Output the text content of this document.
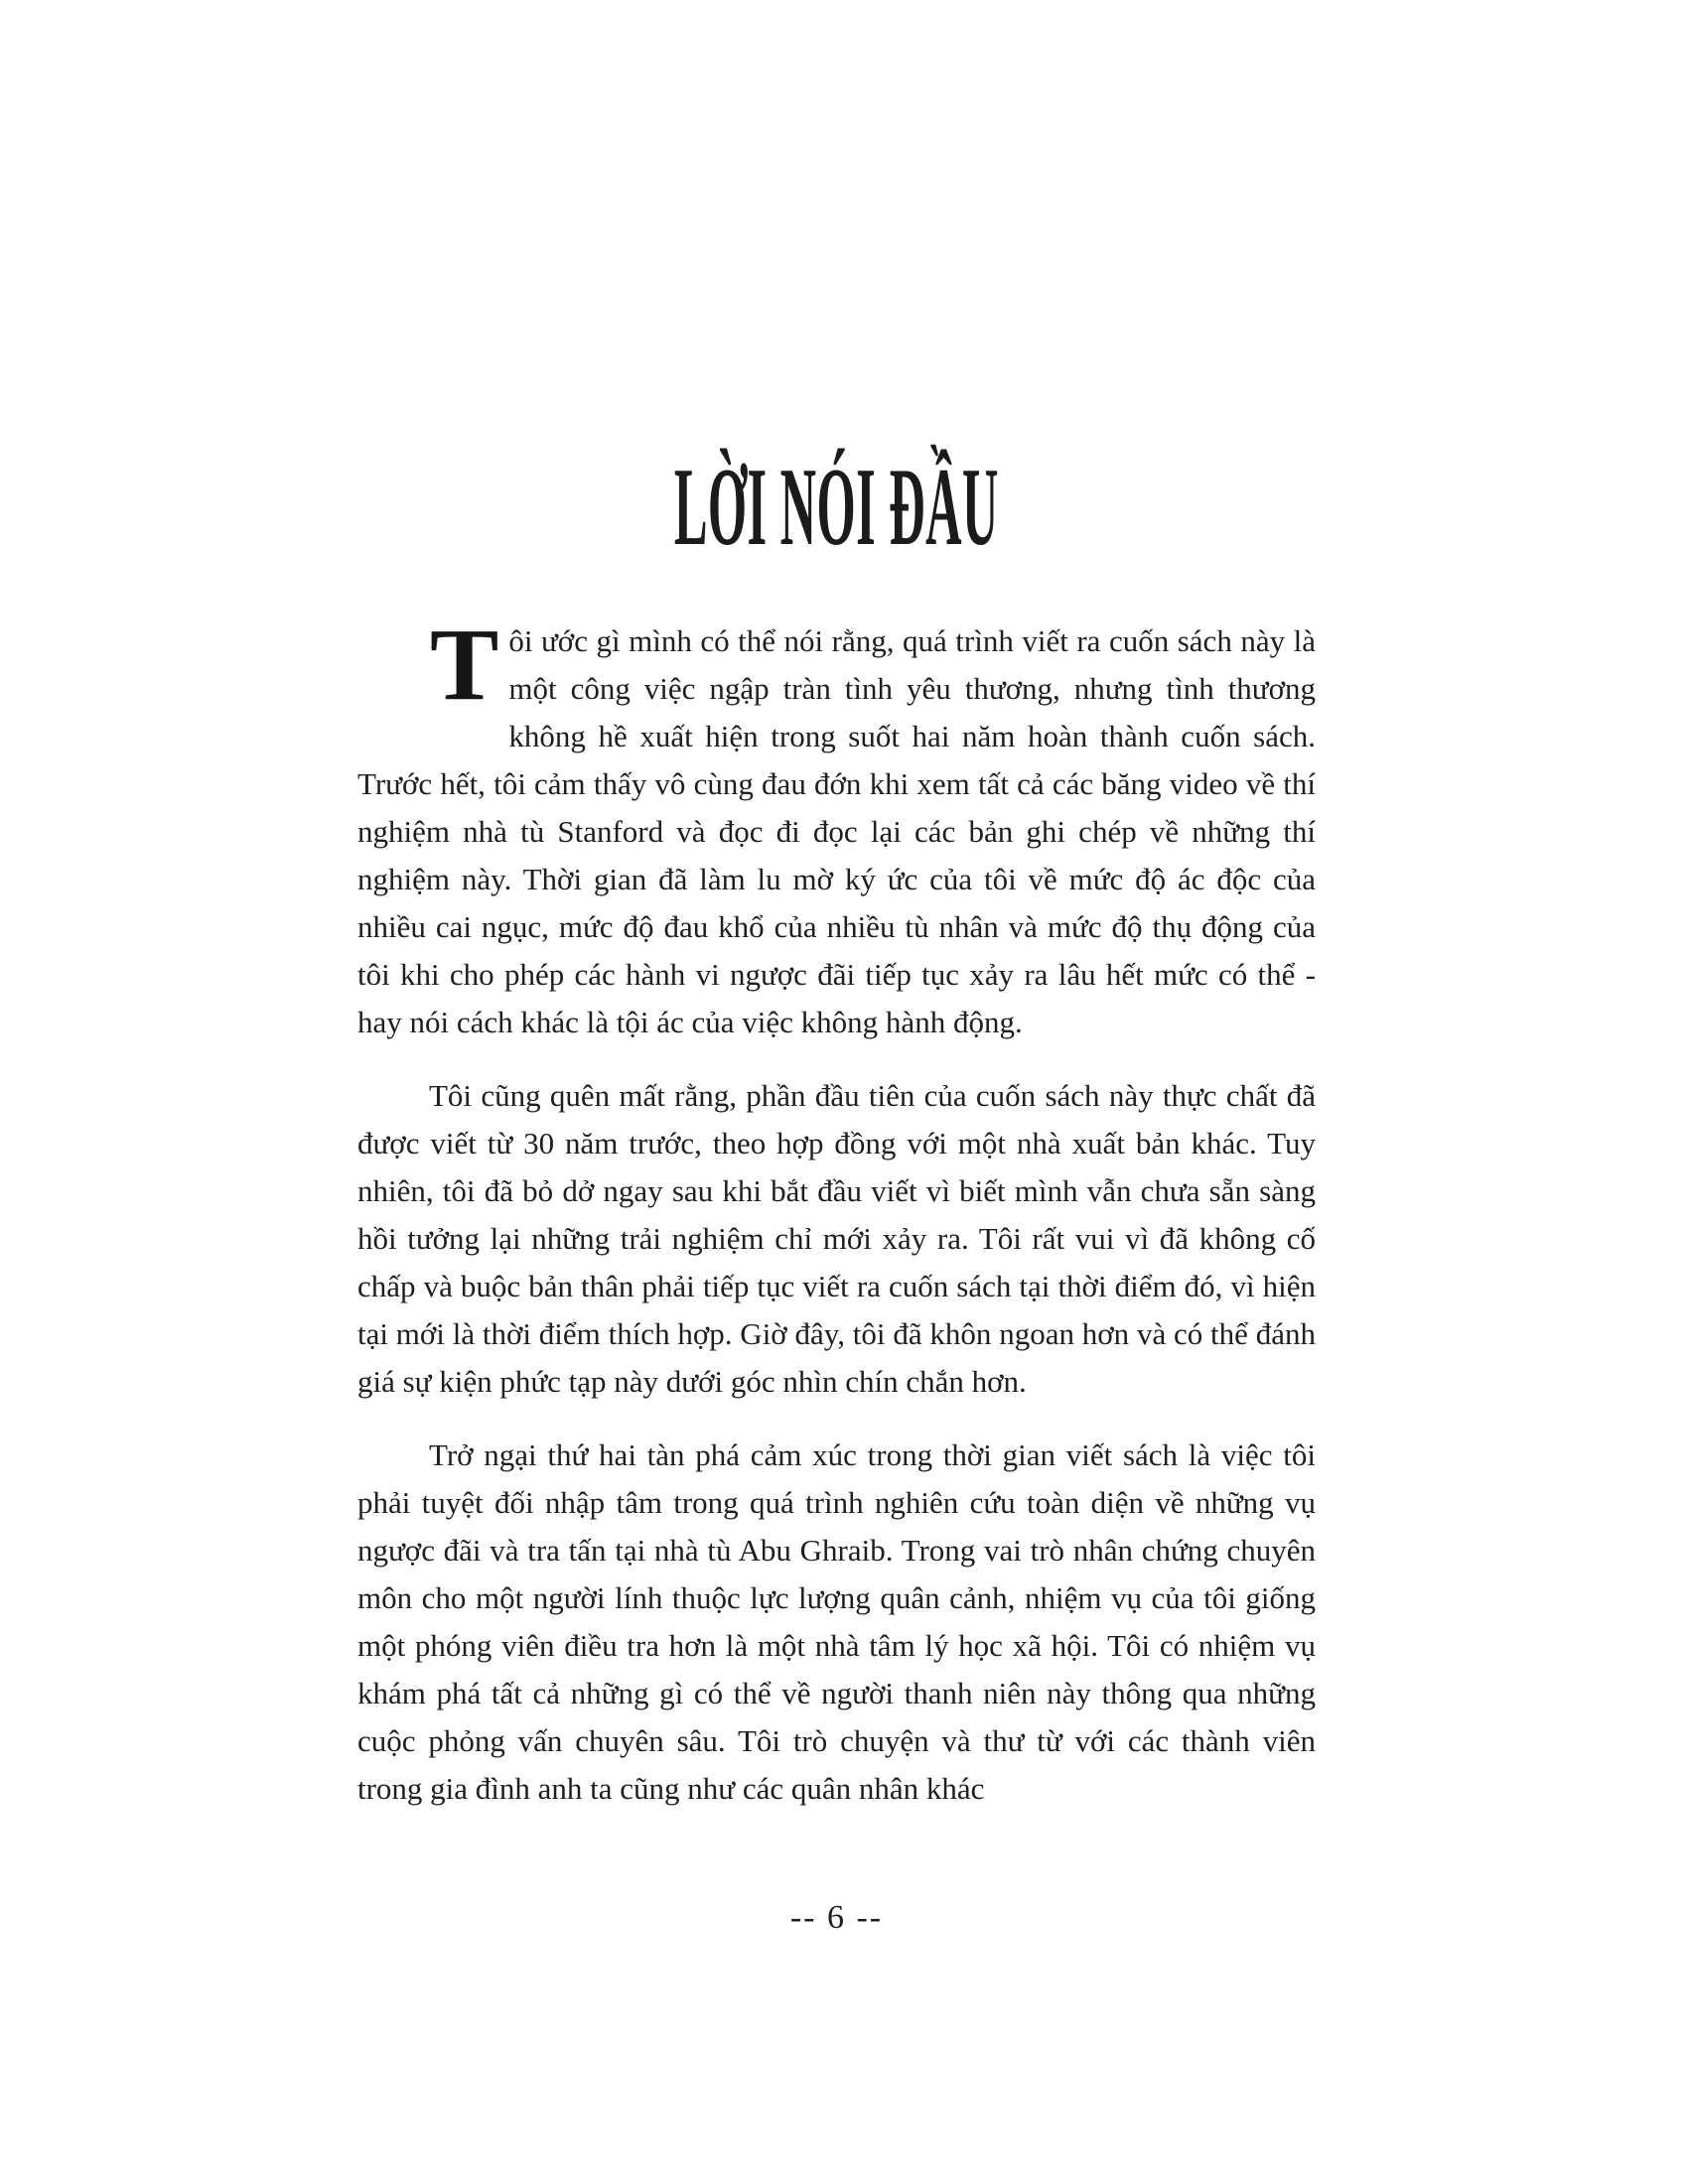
LỜI NÓI ĐẦU

Tôi ước gì mình có thể nói rằng, quá trình viết ra cuốn sách này là một công việc ngập tràn tình yêu thương, nhưng tình thương không hề xuất hiện trong suốt hai năm hoàn thành cuốn sách. Trước hết, tôi cảm thấy vô cùng đau đớn khi xem tất cả các băng video về thí nghiệm nhà tù Stanford và đọc đi đọc lại các bản ghi chép về những thí nghiệm này. Thời gian đã làm lu mờ ký ức của tôi về mức độ ác độc của nhiều cai ngục, mức độ đau khổ của nhiều tù nhân và mức độ thụ động của tôi khi cho phép các hành vi ngược đãi tiếp tục xảy ra lâu hết mức có thể - hay nói cách khác là tội ác của việc không hành động.

Tôi cũng quên mất rằng, phần đầu tiên của cuốn sách này thực chất đã được viết từ 30 năm trước, theo hợp đồng với một nhà xuất bản khác. Tuy nhiên, tôi đã bỏ dở ngay sau khi bắt đầu viết vì biết mình vẫn chưa sẵn sàng hồi tưởng lại những trải nghiệm chỉ mới xảy ra. Tôi rất vui vì đã không cố chấp và buộc bản thân phải tiếp tục viết ra cuốn sách tại thời điểm đó, vì hiện tại mới là thời điểm thích hợp. Giờ đây, tôi đã khôn ngoan hơn và có thể đánh giá sự kiện phức tạp này dưới góc nhìn chín chắn hơn.

Trở ngại thứ hai tàn phá cảm xúc trong thời gian viết sách là việc tôi phải tuyệt đối nhập tâm trong quá trình nghiên cứu toàn diện về những vụ ngược đãi và tra tấn tại nhà tù Abu Ghraib. Trong vai trò nhân chứng chuyên môn cho một người lính thuộc lực lượng quân cảnh, nhiệm vụ của tôi giống một phóng viên điều tra hơn là một nhà tâm lý học xã hội. Tôi có nhiệm vụ khám phá tất cả những gì có thể về người thanh niên này thông qua những cuộc phỏng vấn chuyên sâu. Tôi trò chuyện và thư từ với các thành viên trong gia đình anh ta cũng như các quân nhân khác

-- 6 --
